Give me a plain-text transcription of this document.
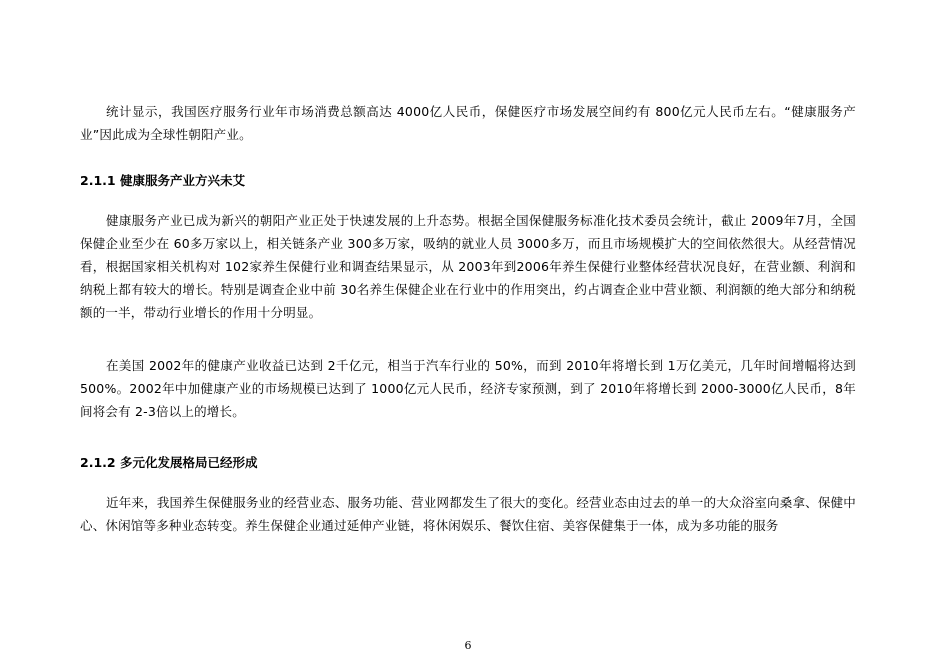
统计显示，我国医疗服务行业年市场消费总额高达 4000亿人民币，保健医疗市场发展空间约有 800亿元人民币左右。“健康服务产业”因此成为全球性朝阳产业。

2.1.1 健康服务产业方兴未艾

健康服务产业已成为新兴的朝阳产业正处于快速发展的上升态势。根据全国保健服务标准化技术委员会统计，截止 2009年7月，全国保健企业至少在 60多万家以上，相关链条产业 300多万家，吸纳的就业人员 3000多万，而且市场规模扩大的空间依然很大。从经营情况看，根据国家相关机构对 102家养生保健行业和调查结果显示，从 2003年到2006年养生保健行业整体经营状况良好，在营业额、利润和纳税上都有较大的增长。特别是调查企业中前 30名养生保健企业在行业中的作用突出，约占调查企业中营业额、利润额的绝大部分和纳税额的一半，带动行业增长的作用十分明显。

在美国 2002年的健康产业收益已达到 2千亿元，相当于汽车行业的 50%，而到 2010年将增长到 1万亿美元，几年时间增幅将达到 500%。2002年中加健康产业的市场规模已达到了 1000亿元人民币，经济专家预测，到了 2010年将增长到 2000-3000亿人民币，8年间将会有 2-3倍以上的增长。

2.1.2 多元化发展格局已经形成

近年来，我国养生保健服务业的经营业态、服务功能、营业网都发生了很大的变化。经营业态由过去的单一的大众浴室向桑拿、保健中心、休闲馆等多种业态转变。养生保健企业通过延伸产业链，将休闲娱乐、餐饮住宿、美容保健集于一体，成为多功能的服务

6
